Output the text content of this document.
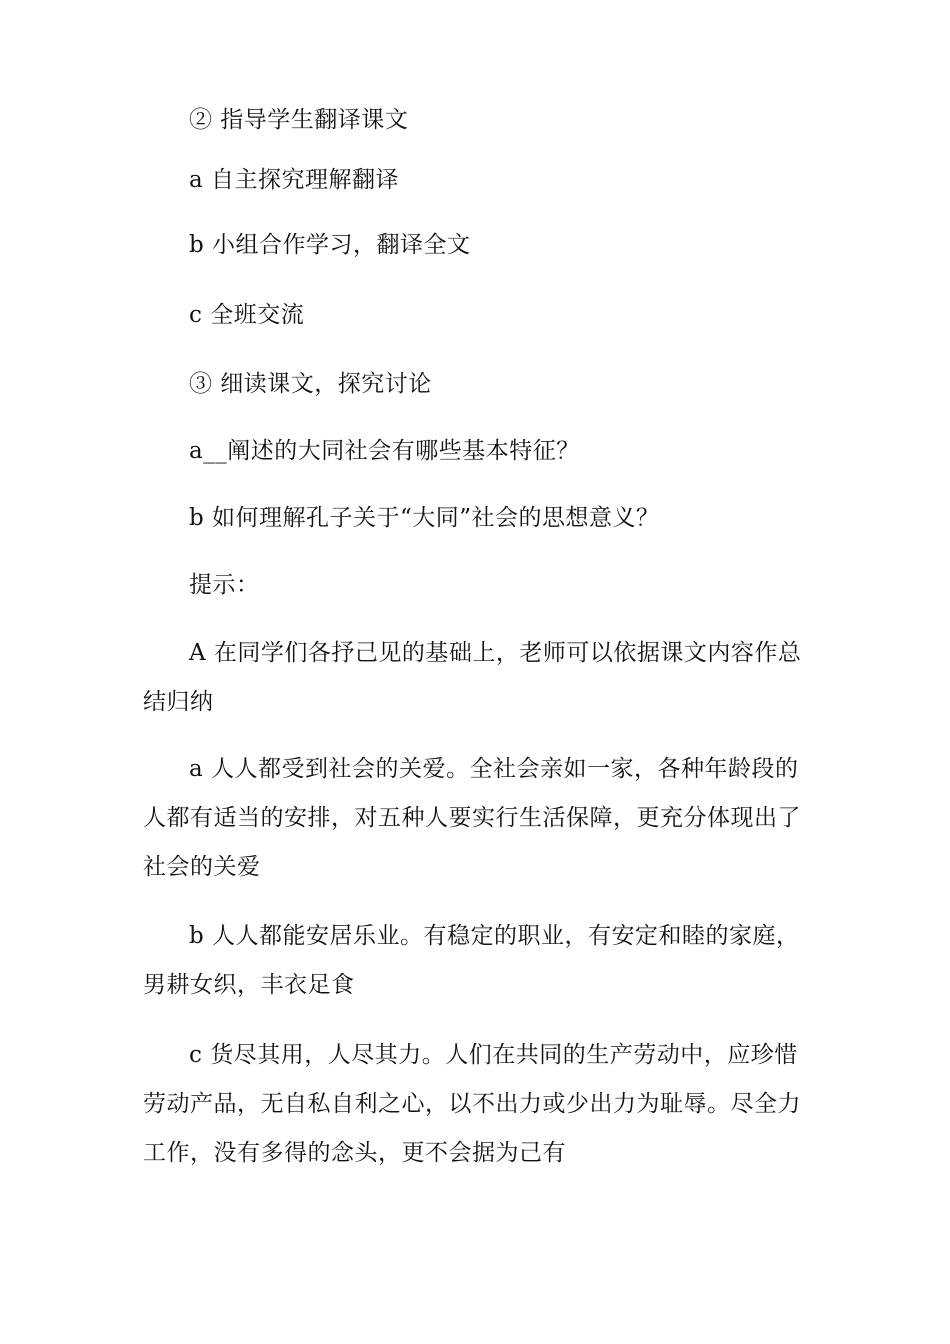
② 指导学生翻译课文
a 自主探究理解翻译
b 小组合作学习，翻译全文
c 全班交流
③ 细读课文，探究讨论
a__阐述的大同社会有哪些基本特征？
b 如何理解孔子关于“大同”社会的思想意义？
提示：
A 在同学们各抒己见的基础上，老师可以依据课文内容作总
结归纳
a 人人都受到社会的关爱。全社会亲如一家，各种年龄段的
人都有适当的安排，对五种人要实行生活保障，更充分体现出了
社会的关爱
b 人人都能安居乐业。有稳定的职业，有安定和睦的家庭，
男耕女织，丰衣足食
c 货尽其用，人尽其力。人们在共同的生产劳动中，应珍惜
劳动产品，无自私自利之心，以不出力或少出力为耻辱。尽全力
工作，没有多得的念头，更不会据为己有
